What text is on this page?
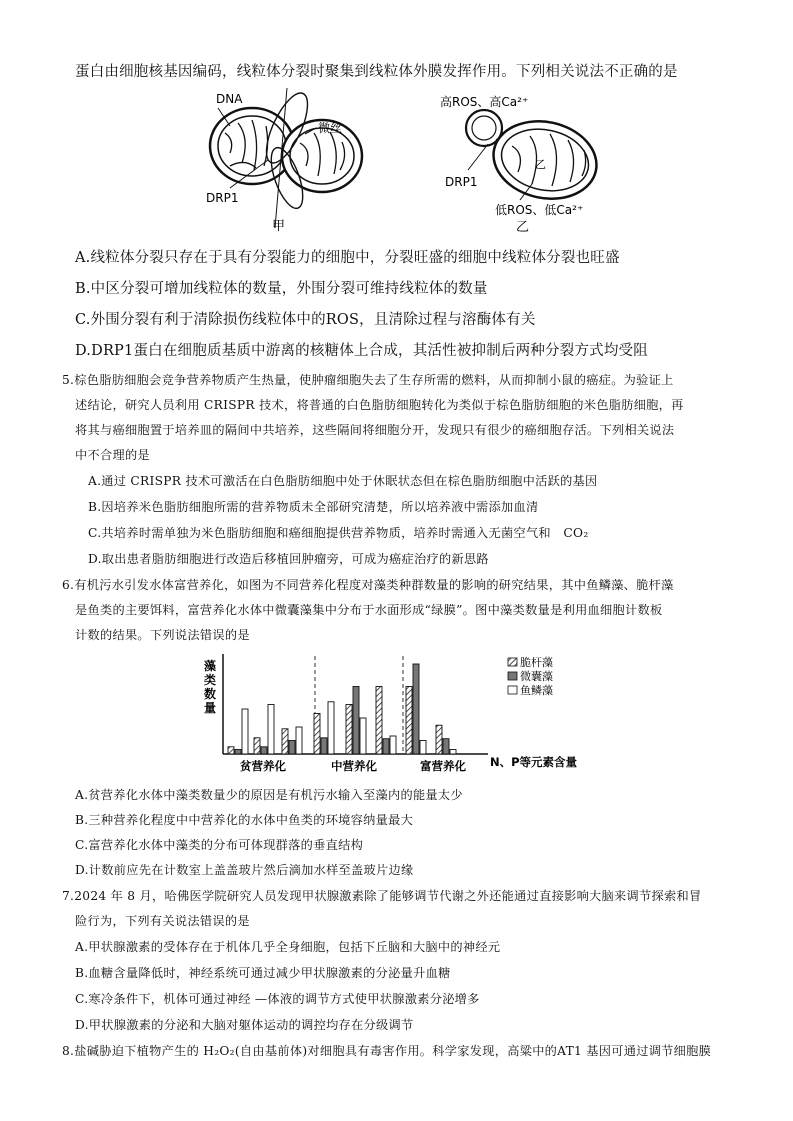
蛋白由细胞核基因编码，线粒体分裂时聚集到线粒体外膜发挥作用。下列相关说法不正确的是
DNA
微丝
DRP1
甲
乙
高ROS、高Ca²⁺
DRP1
低ROS、低Ca²⁺
乙
A.线粒体分裂只存在于具有分裂能力的细胞中，分裂旺盛的细胞中线粒体分裂也旺盛
B.中区分裂可增加线粒体的数量，外围分裂可维持线粒体的数量
C.外围分裂有利于清除损伤线粒体中的ROS，且清除过程与溶酶体有关
D.DRP1蛋白在细胞质基质中游离的核糖体上合成，其活性被抑制后两种分裂方式均受阻
5.棕色脂肪细胞会竞争营养物质产生热量，使肿瘤细胞失去了生存所需的燃料，从而抑制小鼠的癌症。为验证上
述结论，研究人员利用 CRISPR 技术，将普通的白色脂肪细胞转化为类似于棕色脂肪细胞的米色脂肪细胞，再
将其与癌细胞置于培养皿的隔间中共培养，这些隔间将细胞分开，发现只有很少的癌细胞存活。下列相关说法
中不合理的是
A.通过 CRISPR 技术可激活在白色脂肪细胞中处于休眠状态但在棕色脂肪细胞中活跃的基因
B.因培养米色脂肪细胞所需的营养物质未全部研究清楚，所以培养液中需添加血清
C.共培养时需单独为米色脂肪细胞和癌细胞提供营养物质，培养时需通入无菌空气和　CO₂
D.取出患者脂肪细胞进行改造后移植回肿瘤旁，可成为癌症治疗的新思路
6.有机污水引发水体富营养化，如图为不同营养化程度对藻类种群数量的影响的研究结果，其中鱼鳞藻、脆杆藻
是鱼类的主要饵料，富营养化水体中微囊藻集中分布于水面形成“绿膜”。图中藻类数量是利用血细胞计数板
计数的结果。下列说法错误的是
藻
类
数
量
脆杆藻
微囊藻
鱼鳞藻
贫营养化	中营养化	富营养化 N、P等元素含量
A.贫营养化水体中藻类数量少的原因是有机污水输入至藻内的能量太少
B.三种营养化程度中中营养化的水体中鱼类的环境容纳量最大
C.富营养化水体中藻类的分布可体现群落的垂直结构
D.计数前应先在计数室上盖盖玻片然后滴加水样至盖玻片边缘
7.2024 年 8 月，哈佛医学院研究人员发现甲状腺激素除了能够调节代谢之外还能通过直接影响大脑来调节探索和冒
险行为，下列有关说法错误的是
A.甲状腺激素的受体存在于机体几乎全身细胞，包括下丘脑和大脑中的神经元
B.血糖含量降低时，神经系统可通过减少甲状腺激素的分泌量升血糖
C.寒冷条件下，机体可通过神经 —体液的调节方式使甲状腺激素分泌增多
D.甲状腺激素的分泌和大脑对躯体运动的调控均存在分级调节
8.盐碱胁迫下植物产生的 H₂O₂(自由基前体)对细胞具有毒害作用。科学家发现，高粱中的AT1 基因可通过调节细胞膜
